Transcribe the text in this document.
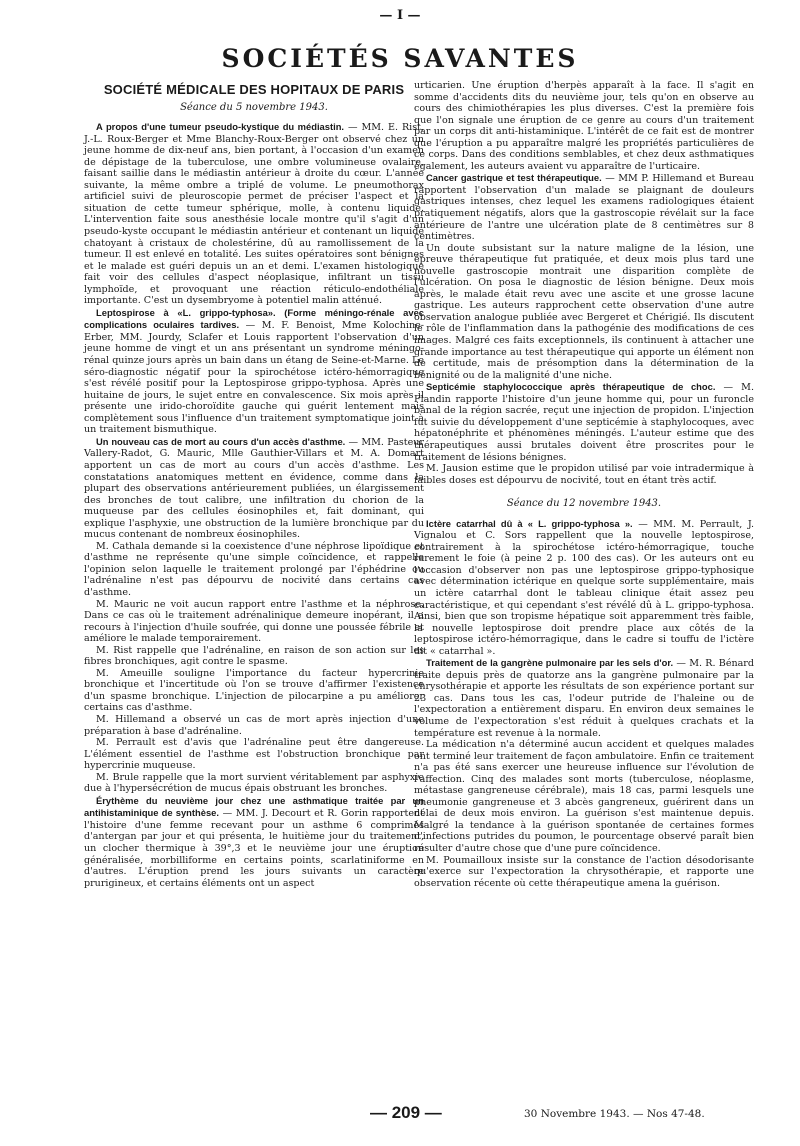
— I —
SOCIÉTÉS SAVANTES
SOCIÉTÉ MÉDICALE DES HOPITAUX DE PARIS
Séance du 5 novembre 1943.

A propos d'une tumeur pseudo-kystique du médiastin. — MM. E. Rist, J.-L. Roux-Berger et Mme Blanchy-Roux-Berger ont observé chez un jeune homme de dix-neuf ans, bien portant, à l'occasion d'un examen de dépistage de la tuberculose, une ombre volumineuse ovalaire, faisant saillie dans le médiastin antérieur à droite du cœur. L'année suivante, la même ombre a triplé de volume. Le pneumothorax artificiel suivi de pleuroscopie permet de préciser l'aspect et la situation de cette tumeur sphérique, molle, à contenu liquide. L'intervention faite sous anesthésie locale montre qu'il s'agit d'un pseudo-kyste occupant le médiastin antérieur et contenant un liquide chatoyant à cristaux de cholestérine, dû au ramollissement de la tumeur. Il est enlevé en totalité. Les suites opératoires sont bénignes et le malade est guéri depuis un an et demi. L'examen histologique fait voir des cellules d'aspect néoplasique, infiltrant un tissu lymphoïde, et provoquant une réaction réticulo-endothéliale importante. C'est un dysembryome à potentiel malin atténué.

Leptospirose à «L. grippo-typhosa». (Forme méningo-rénale avec complications oculaires tardives. — M. F. Benoist, Mme Kolochine-Erber, MM. Jourdy, Sclafer et Louis rapportent l'observation d'un jeune homme de vingt et un ans présentant un syndrome méningo-rénal quinze jours après un bain dans un étang de Seine-et-Marne. Le séro-diagnostic négatif pour la spirochétose ictéro-hémorragique s'est révélé positif pour la Leptospirose grippo-typhosa. Après une huitaine de jours, le sujet entre en convalescence. Six mois après il présente une irido-choroïdite gauche qui guérit lentement mais complètement sous l'influence d'un traitement symptomatique joint à un traitement bismuthique.

Un nouveau cas de mort au cours d'un accès d'asthme. — MM. Pasteur Vallery-Radot, G. Mauric, Mlle Gauthier-Villars et M. A. Domart apportent un cas de mort au cours d'un accès d'asthme. Les constatations anatomiques mettent en évidence, comme dans la plupart des observations antérieurement publiées, un élargissement des bronches de tout calibre, une infiltration du chorion de la muqueuse par des cellules éosinophiles et, fait dominant, qui explique l'asphyxie, une obstruction de la lumière bronchique par du mucus contenant de nombreux éosinophiles.

M. Cathala demande si la coexistence d'une néphrose lipoïdique et d'asthme ne représente qu'une simple coïncidence, et rappelle l'opinion selon laquelle le traitement prolongé par l'éphédrine ou l'adrénaline n'est pas dépourvu de nocivité dans certains cas d'asthme.

M. Mauric ne voit aucun rapport entre l'asthme et la néphrose. Dans ce cas où le traitement adrénalinique demeure inopérant, il a recours à l'injection d'huile soufrée, qui donne une poussée fébrile et améliore le malade temporairement.

M. Rist rappelle que l'adrénaline, en raison de son action sur les fibres bronchiques, agit contre le spasme.

M. Ameuille souligne l'importance du facteur hypercrinie bronchique et l'incertitude où l'on se trouve d'affirmer l'existence d'un spasme bronchique. L'injection de pilocarpine a pu améliorer certains cas d'asthme.

M. Hillemand a observé un cas de mort après injection d'une préparation à base d'adrénaline.

M. Perrault est d'avis que l'adrénaline peut être dangereuse. L'élément essentiel de l'asthme est l'obstruction bronchique par hypercrinie muqueuse.

M. Brule rappelle que la mort survient véritablement par asphyxie due à l'hypersécrétion de mucus épais obstruant les bronches.

Érythème du neuvième jour chez une asthmatique traitée par un antihistaminique de synthèse. — MM. J. Decourt et R. Gorin rapportent l'histoire d'une femme recevant pour un asthme 6 comprimés d'antergan par jour et qui présenta, le huitième jour du traitement, un clocher thermique à 39°,3 et le neuvième jour une éruption généralisée, morbilliforme en certains points, scarlatiniforme en d'autres. L'éruption prend les jours suivants un caractère prurigineux, et certains éléments ont un aspect

urticarien. Une éruption d'herpès apparaît à la face. Il s'agit en somme d'accidents dits du neuvième jour, tels qu'on en observe au cours des chimiothérapies les plus diverses. C'est la première fois que l'on signale une éruption de ce genre au cours d'un traitement par un corps dit anti-histaminique. L'intérêt de ce fait est de montrer que l'éruption a pu apparaître malgré les propriétés particulières de ce corps. Dans des conditions semblables, et chez deux asthmatiques également, les auteurs avaient vu apparaître de l'urticaire.

Cancer gastrique et test thérapeutique. — MM P. Hillemand et Bureau rapportent l'observation d'un malade se plaignant de douleurs gastriques intenses, chez lequel les examens radiologiques étaient pratiquement négatifs, alors que la gastroscopie révélait sur la face antérieure de l'antre une ulcération plate de 8 centimètres sur 8 centimètres.

Un doute subsistant sur la nature maligne de la lésion, une épreuve thérapeutique fut pratiquée, et deux mois plus tard une nouvelle gastroscopie montrait une disparition complète de l'ulcération. On posa le diagnostic de lésion bénigne. Deux mois après, le malade était revu avec une ascite et une grosse lacune gastrique. Les auteurs rapprochent cette observation d'une autre observation analogue publiée avec Bergeret et Chérigié. Ils discutent le rôle de l'inflammation dans la pathogénie des modifications de ces images. Malgré ces faits exceptionnels, ils continuent à attacher une grande importance au test thérapeutique qui apporte un élément non de certitude, mais de présomption dans la détermination de la bénignité ou de la malignité d'une niche.

Septicémie staphylococcique après thérapeutique de choc. — M. Flandin rapporte l'histoire d'un jeune homme qui, pour un furoncle banal de la région sacrée, reçut une injection de propidon. L'injection fut suivie du développement d'une septicémie à staphylocoques, avec hépatonéphrite et phénomènes méningés. L'auteur estime que des thérapeutiques aussi brutales doivent être proscrites pour le traitement de lésions bénignes.

M. Jausion estime que le propidon utilisé par voie intradermique à faibles doses est dépourvu de nocivité, tout en étant très actif.

Séance du 12 novembre 1943.

Ictère catarrhal dû à « L. grippo-typhosa ». — MM. M. Perrault, J. Vignalou et C. Sors rappellent que la nouvelle leptospirose, contrairement à la spirochétose ictéro-hémorragique, touche rarement le foie (à peine 2 p. 100 des cas). Or les auteurs ont eu l'occasion d'observer non pas une leptospirose grippo-typhosique avec détermination ictérique en quelque sorte supplémentaire, mais un ictère catarrhal dont le tableau clinique était assez peu caractéristique, et qui cependant s'est révélé dû à L. grippo-typhosa. Ainsi, bien que son tropisme hépatique soit apparemment très faible, la nouvelle leptospirose doit prendre place aux côtés de la leptospirose ictéro-hémorragique, dans le cadre si touffu de l'ictère dit « catarrhal ».

Traitement de la gangrène pulmonaire par les sels d'or. — M. R. Bénard traite depuis près de quatorze ans la gangrène pulmonaire par la chrysothérapie et apporte les résultats de son expérience portant sur 23 cas. Dans tous les cas, l'odeur putride de l'haleine ou de l'expectoration a entièrement disparu. En environ deux semaines le volume de l'expectoration s'est réduit à quelques crachats et la température est revenue à la normale.

La médication n'a déterminé aucun accident et quelques malades ont terminé leur traitement de façon ambulatoire. Enfin ce traitement n'a pas été sans exercer une heureuse influence sur l'évolution de l'affection. Cinq des malades sont morts (tuberculose, néoplasme, métastase gangreneuse cérébrale), mais 18 cas, parmi lesquels une pneumonie gangreneuse et 3 abcès gangreneux, guérirent dans un délai de deux mois environ. La guérison s'est maintenue depuis. Malgré la tendance à la guérison spontanée de certaines formes d'infections putrides du poumon, le pourcentage observé paraît bien résulter d'autre chose que d'une pure coïncidence.

M. Poumailloux insiste sur la constance de l'action désodorisante qu'exerce sur l'expectoration la chrysothérapie, et rapporte une observation récente où cette thérapeutique amena la guérison.

— 209 —	30 Novembre 1943. — Nos 47-48.
